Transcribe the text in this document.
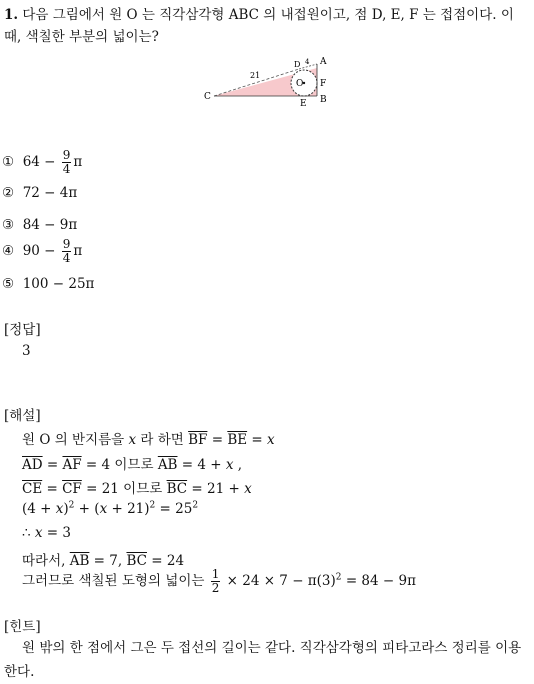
1. 다음 그림에서 원 O 는 직각삼각형 ABC 의 내접원이고, 점 D, E, F 는 접점이다. 이 때, 색칠한 부분의 넓이는?
C
21
D 4 A
F
O
B
E
① $64 - \frac{9}{4}$ π
② 72 − 4π
③ 84 − 9π
④ $90 - \frac{9}{4}$ π
⑤ 100 − 25π
[정답]
3
[해설]
원 O 의 반지름을 x 라 하면 $\overline{BF} = \overline{BE} = x$
$\overline{AD} = \overline{AF} = 4$ 이므로 $\overline{AB} = 4 + x$ ,
$\overline{CE} = \overline{CF} = 21$ 이므로 $\overline{BC} = 21 + x$
$(4 + x)^2 + (x + 21)^2 = 25^2$
∴ x = 3
따라서, $\overline{AB} = 7$, $\overline{BC} = 24$
그러므로 색칠된 도형의 넓이는 $\frac{1}{2} \times 24 \times 7 - \pi(3)^2 = 84 - 9\pi$
[힌트]
원 밖의 한 점에서 그은 두 접선의 길이는 같다. 직각삼각형의 피타고라스 정리를 이용한다.
